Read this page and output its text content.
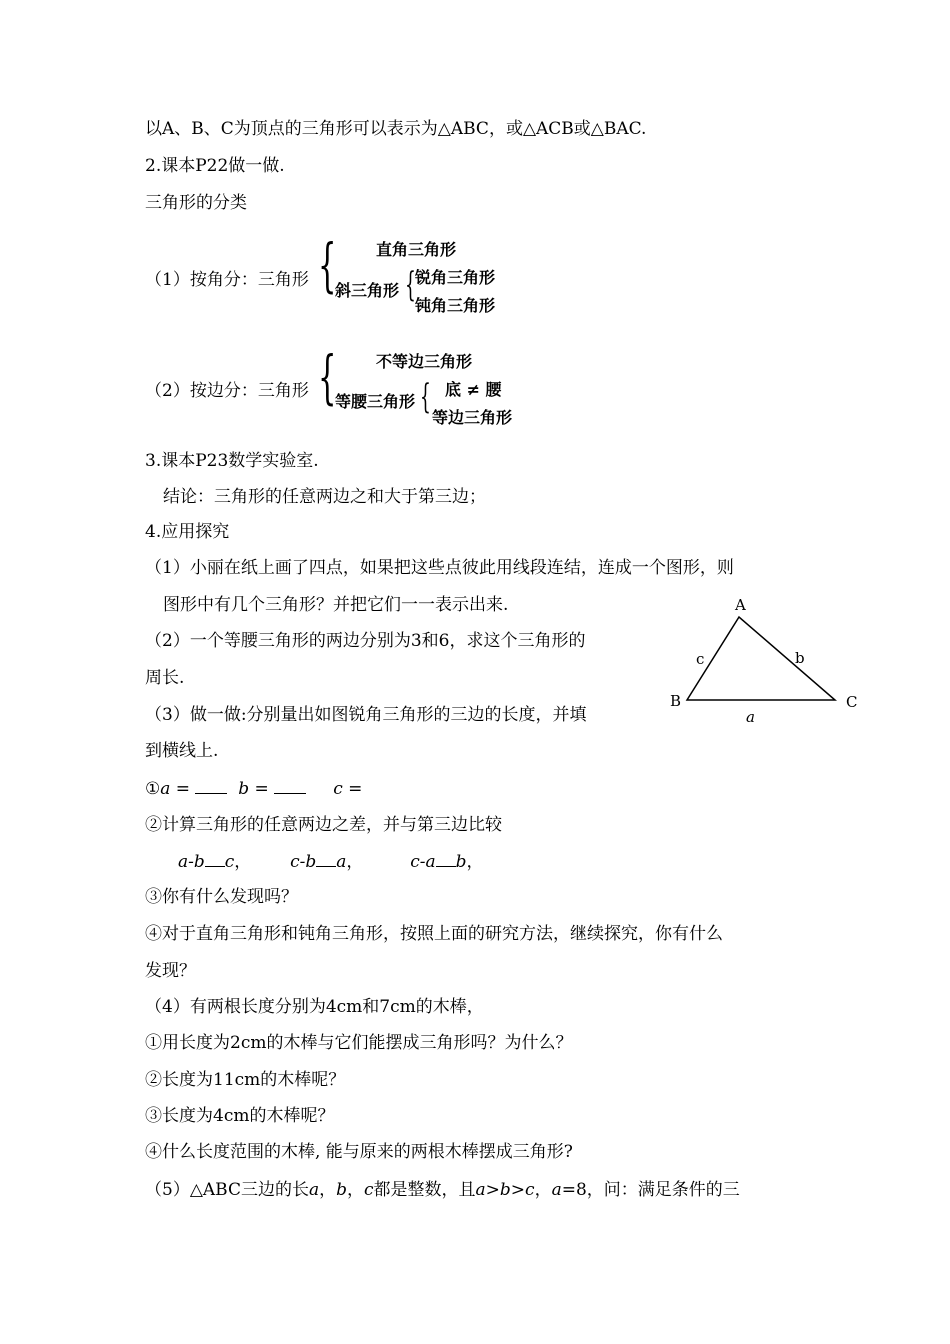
以A、B、C为顶点的三角形可以表示为△ABC，或△ACB或△BAC.
2.课本P22做一做.
三角形的分类
（1）按角分：三角形 { 直角三角形
斜三角形 { 锐角三角形
钝角三角形
（2）按边分：三角形 { 不等边三角形
等腰三角形 { 底 ≠ 腰
等边三角形
3.课本P23数学实验室.
结论：三角形的任意两边之和大于第三边；
4.应用探究
（1）小丽在纸上画了四点，如果把这些点彼此用线段连结，连成一个图形，则
图形中有几个三角形？并把它们一一表示出来.
（2）一个等腰三角形的两边分别为3和6，求这个三角形的
周长.
（3）做一做:分别量出如图锐角三角形的三边的长度，并填
到横线上.
A
B	C
c	b
a
①a =	b =	c =
②计算三角形的任意两边之差，并与第三边比较
a-b c， c-b a，	c-a b，
③你有什么发现吗？
④对于直角三角形和钝角三角形，按照上面的研究方法，继续探究，你有什么
发现？
（4）有两根长度分别为4cm和7cm的木棒，
①用长度为2cm的木棒与它们能摆成三角形吗？为什么？
②长度为11cm的木棒呢？
③长度为4cm的木棒呢？
④什么长度范围的木棒, 能与原来的两根木棒摆成三角形?
（5）△ABC三边的长a，b，c都是整数，且a>b>c，a=8，问：满足条件的三
